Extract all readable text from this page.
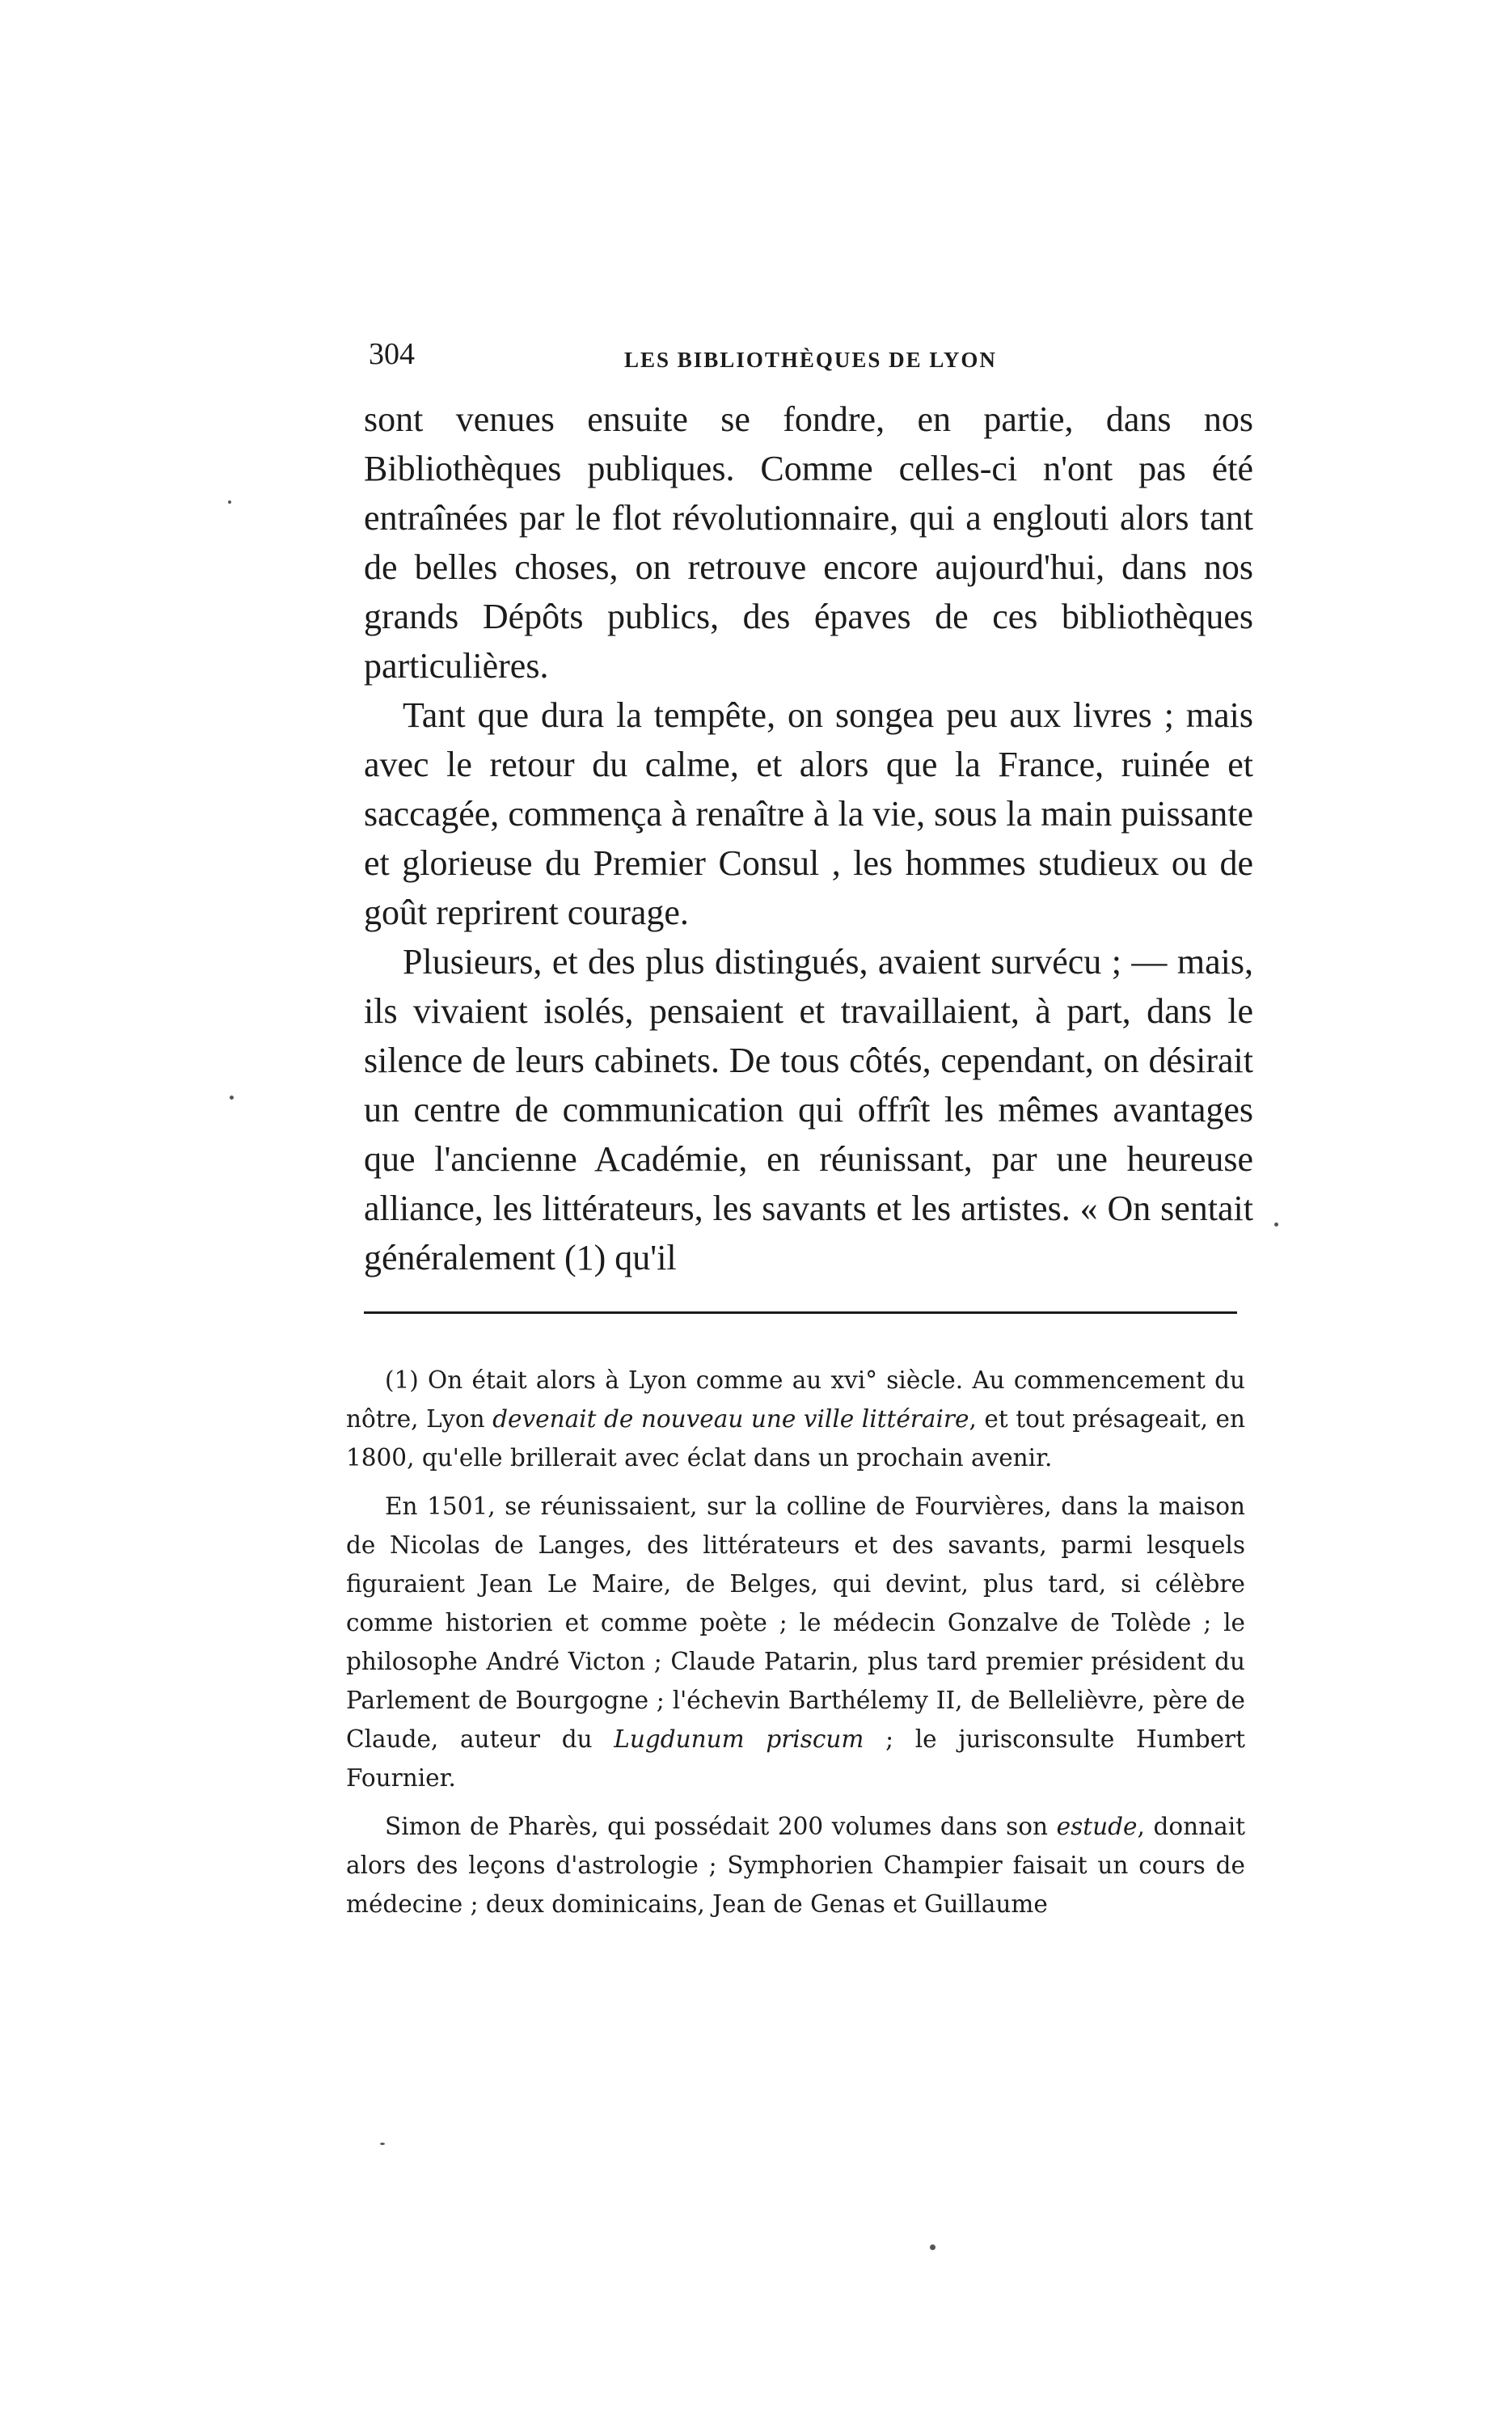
304	LES BIBLIOTHÈQUES DE LYON

sont venues ensuite se fondre, en partie, dans nos Bibliothèques publiques. Comme celles-ci n'ont pas été entraînées par le flot révolutionnaire, qui a englouti alors tant de belles choses, on retrouve encore aujourd'hui, dans nos grands Dépôts publics, des épaves de ces bibliothèques particulières.

Tant que dura la tempête, on songea peu aux livres ; mais avec le retour du calme, et alors que la France, ruinée et saccagée, commença à renaître à la vie, sous la main puissante et glorieuse du Premier Consul , les hommes studieux ou de goût reprirent courage.

Plusieurs, et des plus distingués, avaient survécu ; — mais, ils vivaient isolés, pensaient et travaillaient, à part, dans le silence de leurs cabinets. De tous côtés, cependant, on désirait un centre de communication qui offrît les mêmes avantages que l'ancienne Académie, en réunissant, par une heureuse alliance, les littérateurs, les savants et les artistes. « On sentait généralement (1) qu'il

(1) On était alors à Lyon comme au xvi° siècle. Au commencement du nôtre, Lyon devenait de nouveau une ville littéraire, et tout présageait, en 1800, qu'elle brillerait avec éclat dans un prochain avenir.

En 1501, se réunissaient, sur la colline de Fourvières, dans la maison de Nicolas de Langes, des littérateurs et des savants, parmi lesquels figuraient Jean Le Maire, de Belges, qui devint, plus tard, si célèbre comme historien et comme poète ; le médecin Gonzalve de Tolède ; le philosophe André Victon ; Claude Patarin, plus tard premier président du Parlement de Bourgogne ; l'échevin Barthélemy II, de Bellelièvre, père de Claude, auteur du Lugdunum priscum ; le jurisconsulte Humbert Fournier.

Simon de Pharès, qui possédait 200 volumes dans son estude, donnait alors des leçons d'astrologie ; Symphorien Champier faisait un cours de médecine ; deux dominicains, Jean de Genas et Guillaume
